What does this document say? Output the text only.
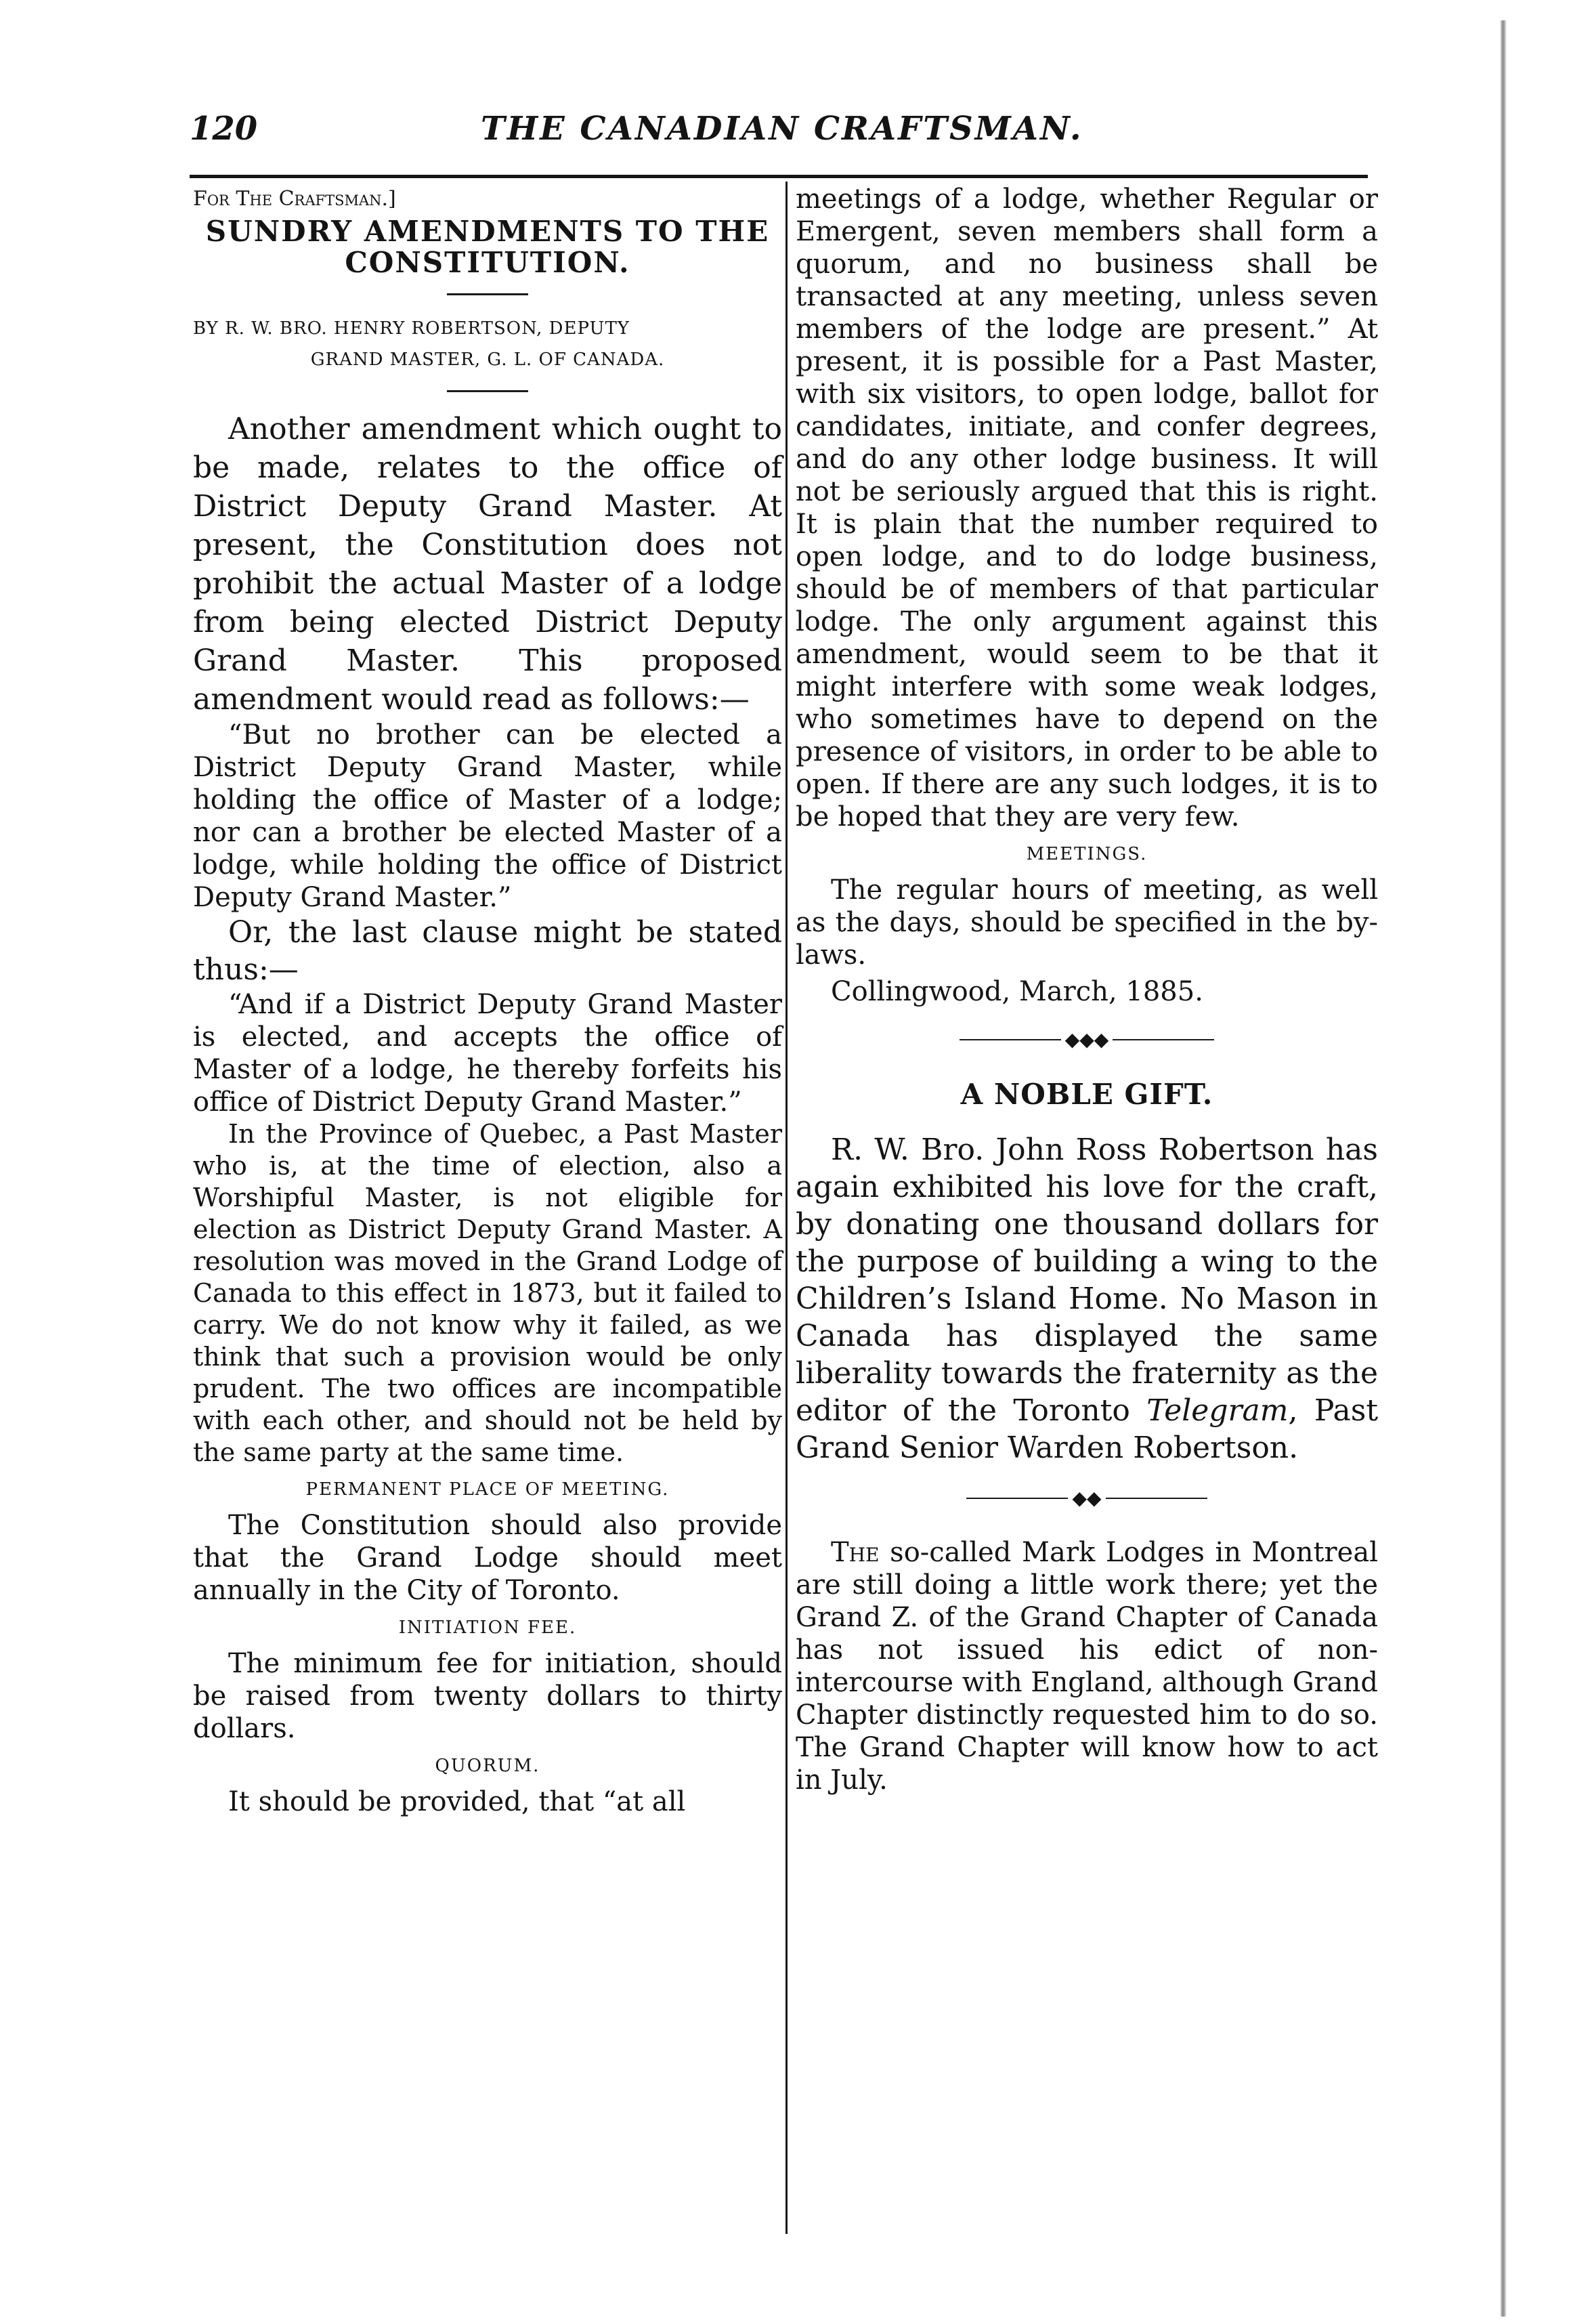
120	THE CANADIAN CRAFTSMAN.
For The Craftsman.]
SUNDRY AMENDMENTS TO THE
CONSTITUTION.
BY R. W. BRO. HENRY ROBERTSON, DEPUTY
GRAND MASTER, G. L. OF CANADA.

Another amendment which ought to be made, relates to the office of District Deputy Grand Master. At present, the Constitution does not prohibit the actual Master of a lodge from being elected District Deputy Grand Master. This proposed amendment would read as follows:—

“But no brother can be elected a District Deputy Grand Master, while holding the office of Master of a lodge; nor can a brother be elected Master of a lodge, while holding the office of District Deputy Grand Master.”

Or, the last clause might be stated thus:—

“And if a District Deputy Grand Master is elected, and accepts the office of Master of a lodge, he thereby forfeits his office of District Deputy Grand Master.”

In the Province of Quebec, a Past Master who is, at the time of election, also a Worshipful Master, is not eligible for election as District Deputy Grand Master. A resolution was moved in the Grand Lodge of Canada to this effect in 1873, but it failed to carry. We do not know why it failed, as we think that such a provision would be only prudent. The two offices are incompatible with each other, and should not be held by the same party at the same time.

PERMANENT PLACE OF MEETING.

The Constitution should also provide that the Grand Lodge should meet annually in the City of Toronto.

INITIATION FEE.

The minimum fee for initiation, should be raised from twenty dollars to thirty dollars.

QUORUM.

It should be provided, that “at all

meetings of a lodge, whether Regular or Emergent, seven members shall form a quorum, and no business shall be transacted at any meeting, unless seven members of the lodge are present.” At present, it is possible for a Past Master, with six visitors, to open lodge, ballot for candidates, initiate, and confer degrees, and do any other lodge business. It will not be seriously argued that this is right. It is plain that the number required to open lodge, and to do lodge business, should be of members of that particular lodge. The only argument against this amendment, would seem to be that it might interfere with some weak lodges, who sometimes have to depend on the presence of visitors, in order to be able to open. If there are any such lodges, it is to be hoped that they are very few.

MEETINGS.

The regular hours of meeting, as well as the days, should be specified in the by-laws.

Collingwood, March, 1885.

◆◆◆
A NOBLE GIFT.

R. W. Bro. John Ross Robertson has again exhibited his love for the craft, by donating one thousand dollars for the purpose of building a wing to the Children’s Island Home. No Mason in Canada has displayed the same liberality towards the fraternity as the editor of the Toronto Telegram, Past Grand Senior Warden Robertson.

◆◆

The so-called Mark Lodges in Montreal are still doing a little work there; yet the Grand Z. of the Grand Chapter of Canada has not issued his edict of non-intercourse with England, although Grand Chapter distinctly requested him to do so. The Grand Chapter will know how to act in July.
